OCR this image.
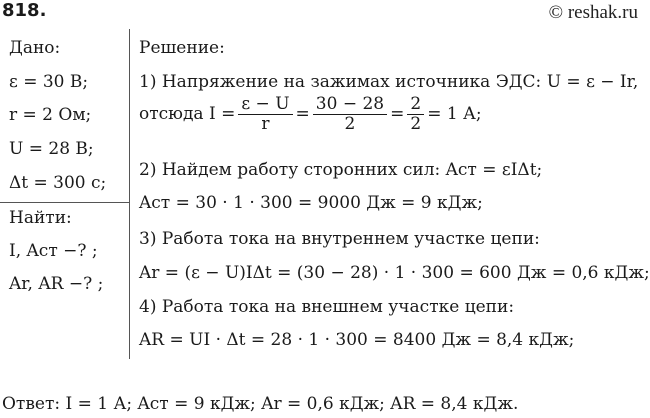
818.	© reshak.ru
Дано:
ε = 30 В;
r = 2 Ом;
U = 28 В;
Δt = 300 с;
Найти:
I, Aст −? ;
Ar, AR −? ;
Решение:
1) Напряжение на зажимах источника ЭДС: U = ε − Ir,
отсюда $I = \frac{\varepsilon - U}{r} = \frac{30 - 28}{2} = \frac{2}{2} = 1$ А;
2) Найдем работу сторонних сил: Aст = εIΔt;
Aст = 30 · 1 · 300 = 9000 Дж = 9 кДж;
3) Работа тока на внутреннем участке цепи:
Ar = (ε − U)IΔt = (30 − 28) · 1 · 300 = 600 Дж = 0,6 кДж;
4) Работа тока на внешнем участке цепи:
AR = UI · Δt = 28 · 1 · 300 = 8400 Дж = 8,4 кДж;
Ответ: I = 1 А; Aст = 9 кДж; Ar = 0,6 кДж; AR = 8,4 кДж.
